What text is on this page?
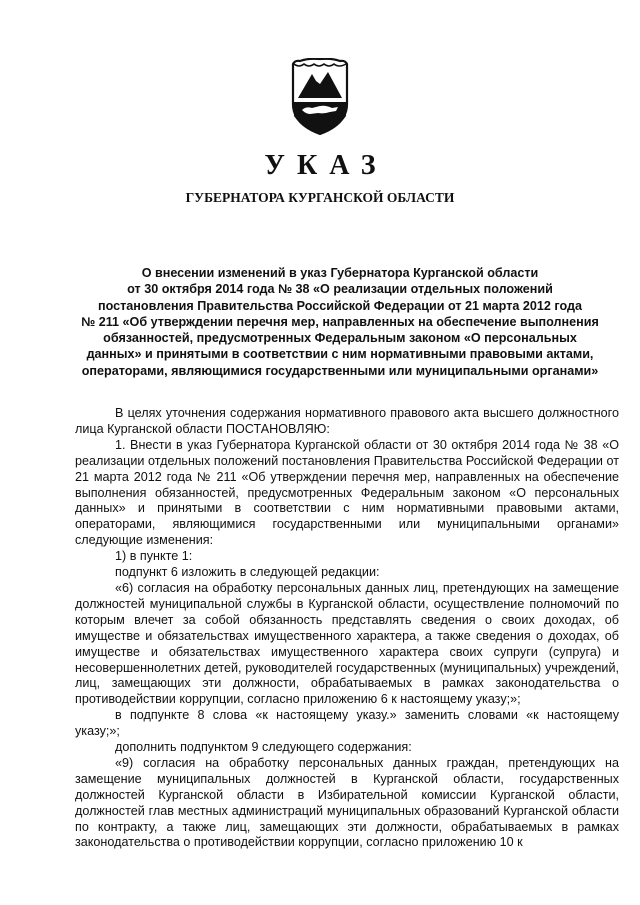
УКАЗ
ГУБЕРНАТОРА КУРГАНСКОЙ ОБЛАСТИ
О внесении изменений в указ Губернатора Курганской области
от 30 октября 2014 года № 38 «О реализации отдельных положений
постановления Правительства Российской Федерации от 21 марта 2012 года
№ 211 «Об утверждении перечня мер, направленных на обеспечение выполнения
обязанностей, предусмотренных Федеральным законом «О персональных
данных» и принятыми в соответствии с ним нормативными правовыми актами,
операторами, являющимися государственными или муниципальными органами»

В целях уточнения содержания нормативного правового акта высшего должностного лица Курганской области ПОСТАНОВЛЯЮ:

1. Внести в указ Губернатора Курганской области от 30 октября 2014 года № 38 «О реализации отдельных положений постановления Правительства Российской Федерации от 21 марта 2012 года № 211 «Об утверждении перечня мер, направленных на обеспечение выполнения обязанностей, предусмотренных Федеральным законом «О персональных данных» и принятыми в соответствии с ним нормативными правовыми актами, операторами, являющимися государственными или муниципальными органами» следующие изменения:

1) в пункте 1:

подпункт 6 изложить в следующей редакции:

«6) согласия на обработку персональных данных лиц, претендующих на замещение должностей муниципальной службы в Курганской области, осуществление полномочий по которым влечет за собой обязанность представлять сведения о своих доходах, об имуществе и обязательствах имущественного характера, а также сведения о доходах, об имуществе и обязательствах имущественного характера своих супруги (супруга) и несовершеннолетних детей, руководителей государственных (муниципальных) учреждений, лиц, замещающих эти должности, обрабатываемых в рамках законодательства о противодействии коррупции, согласно приложению 6 к настоящему указу;»;

в подпункте 8 слова «к настоящему указу.» заменить словами «к настоящему указу;»;

дополнить подпунктом 9 следующего содержания:

«9) согласия на обработку персональных данных граждан, претендующих на замещение муниципальных должностей в Курганской области, государственных должностей Курганской области в Избирательной комиссии Курганской области, должностей глав местных администраций муниципальных образований Курганской области по контракту, а также лиц, замещающих эти должности, обрабатываемых в рамках законодательства о противодействии коррупции, согласно приложению 10 к
